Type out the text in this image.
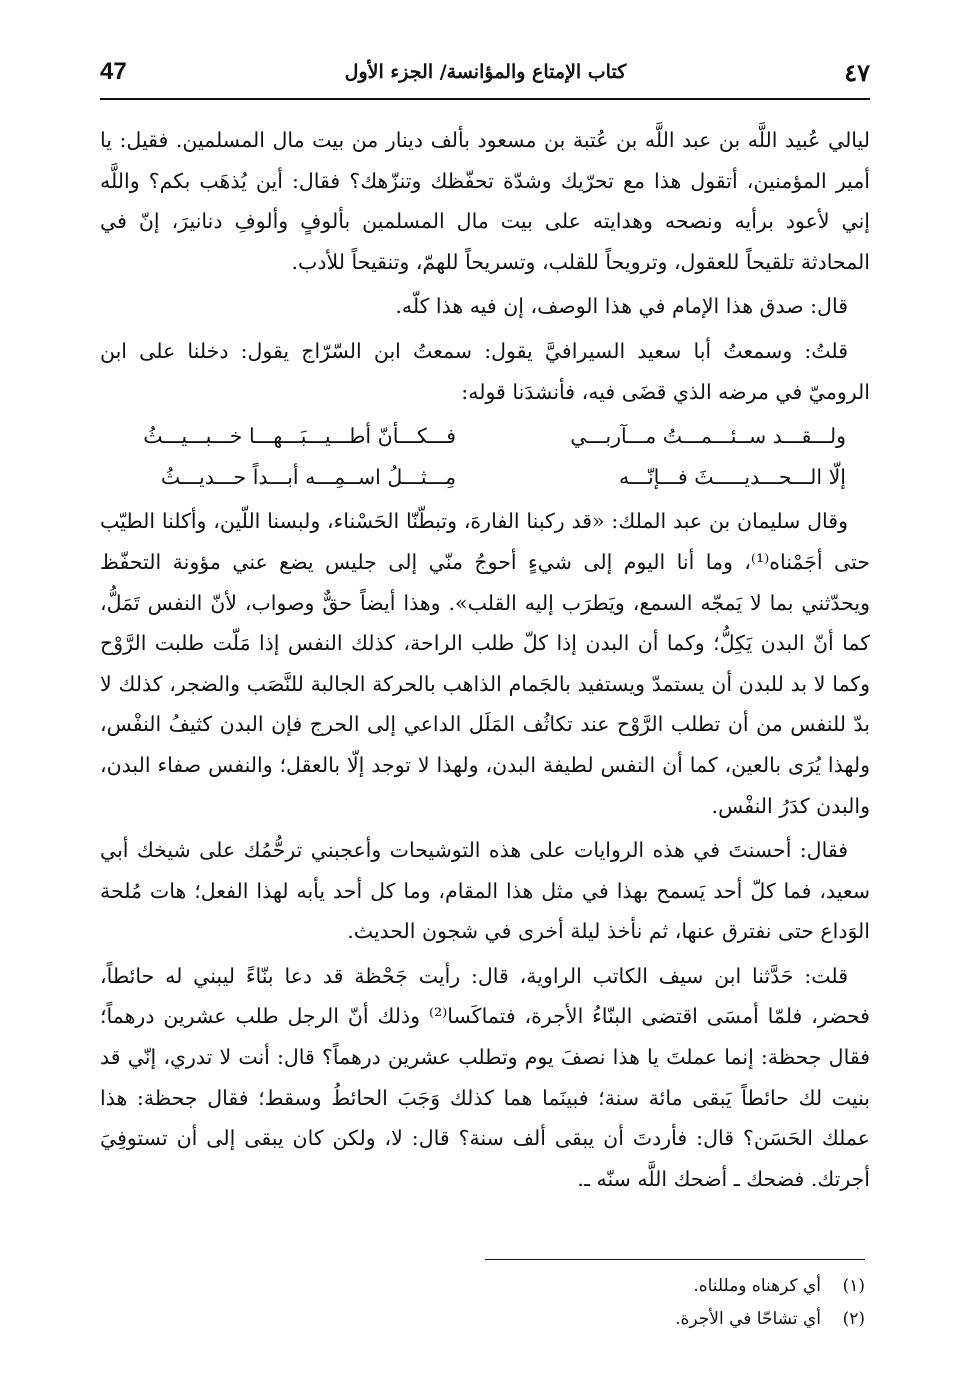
٤٧
كتاب الإمتاع والمؤانسة/ الجزء الأول
47

ليالي عُبيد اللَّه بن عبد اللَّه بن عُتبة بن مسعود بألف دينار من بيت مال المسلمين. فقيل: يا أمير المؤمنين، أتقول هذا مع تحرّيك وشدّة تحفّظك وتنزّهك؟ فقال: أين يُذهَب بكم؟ واللَّه إني لأعود برأيه ونصحه وهدايته على بيت مال المسلمين بألوفٍ وألوفِ دنانيرَ، إنّ في المحادثة تلقيحاً للعقول، وترويحاً للقلب، وتسريحاً للهمّ، وتنقيحاً للأدب.

قال: صدق هذا الإمام في هذا الوصف، إن فيه هذا كلّه.

قلتُ: وسمعتُ أبا سعيد السيرافيَّ يقول: سمعتُ ابن السّرّاج يقول: دخلنا على ابن الروميّ في مرضه الذي قضَى فيه، فأنشدَنا قوله:

ولـــقـــد ســئـــمـــتُ مـــآربـــي
فـــكـــأنّ أطـــيـــبَـــهـــا خـــبـــيـــثُ
إلّا الـــحـــديـــــثَ فـــإنّـــه
مِـــثـــلُ اســمِـــه أبـــداً حـــديـــثُ

وقال سليمان بن عبد الملك: «قد ركبنا الفارهَ، وتبطّنّا الحَسْناء، ولبسنا اللّين، وأكلنا الطيّب حتى أجَمْناه⁽¹⁾، وما أنا اليوم إلى شيءٍ أحوجُ منّي إلى جليس يضع عني مؤونة التحفّظ ويحدّثني بما لا يَمجّه السمع، ويَطرَب إليه القلب». وهذا أيضاً حقٌّ وصواب، لأنّ النفس تَمَلُّ، كما أنّ البدن يَكِلُّ؛ وكما أن البدن إذا كلّ طلب الراحة، كذلك النفس إذا مَلّت طلبت الرَّوْح وكما لا بد للبدن أن يستمدّ ويستفيد بالجَمام الذاهب بالحركة الجالبة للنَّصَب والضجر، كذلك لا بدّ للنفس من أن تطلب الرَّوْح عند تكاثُف المَلَل الداعي إلى الحرج فإن البدن كثيفُ النفْس، ولهذا يُرَى بالعين، كما أن النفس لطيفة البدن، ولهذا لا توجد إلّا بالعقل؛ والنفس صفاء البدن، والبدن كدَرُ النفْس.

فقال: أحسنتَ في هذه الروايات على هذه التوشيحات وأعجبني ترحُّمُك على شيخك أبي سعيد، فما كلّ أحد يَسمح بهذا في مثل هذا المقام، وما كل أحد يأبه لهذا الفعل؛ هات مُلحة الوَداع حتى نفترق عنها، ثم نأخذ ليلة أخرى في شجون الحديث.

قلت: حَدَّثنا ابن سيف الكاتب الراوية، قال: رأيت جَحْظة قد دعا بنّاءً ليبني له حائطاً، فحضر، فلمّا أمسَى اقتضى البنّاءُ الأجرة، فتماكَسا⁽²⁾ وذلك أنّ الرجل طلب عشرين درهماً؛ فقال جحظة: إنما عملتَ يا هذا نصفَ يوم وتطلب عشرين درهماً؟ قال: أنت لا تدري، إنّي قد بنيت لك حائطاً يَبقى مائة سنة؛ فبينَما هما كذلك وَجَبَ الحائطُ وسقط؛ فقال جحظة: هذا عملك الحَسَن؟ قال: فأردتَ أن يبقى ألف سنة؟ قال: لا، ولكن كان يبقى إلى أن تستوفِيَ أجرتك. فضحك ـ أضحك اللَّه سنّه ـ.

(١)
أي كرهناه ومللناه.
(٢)
أي تشاحّا في الأجرة.
